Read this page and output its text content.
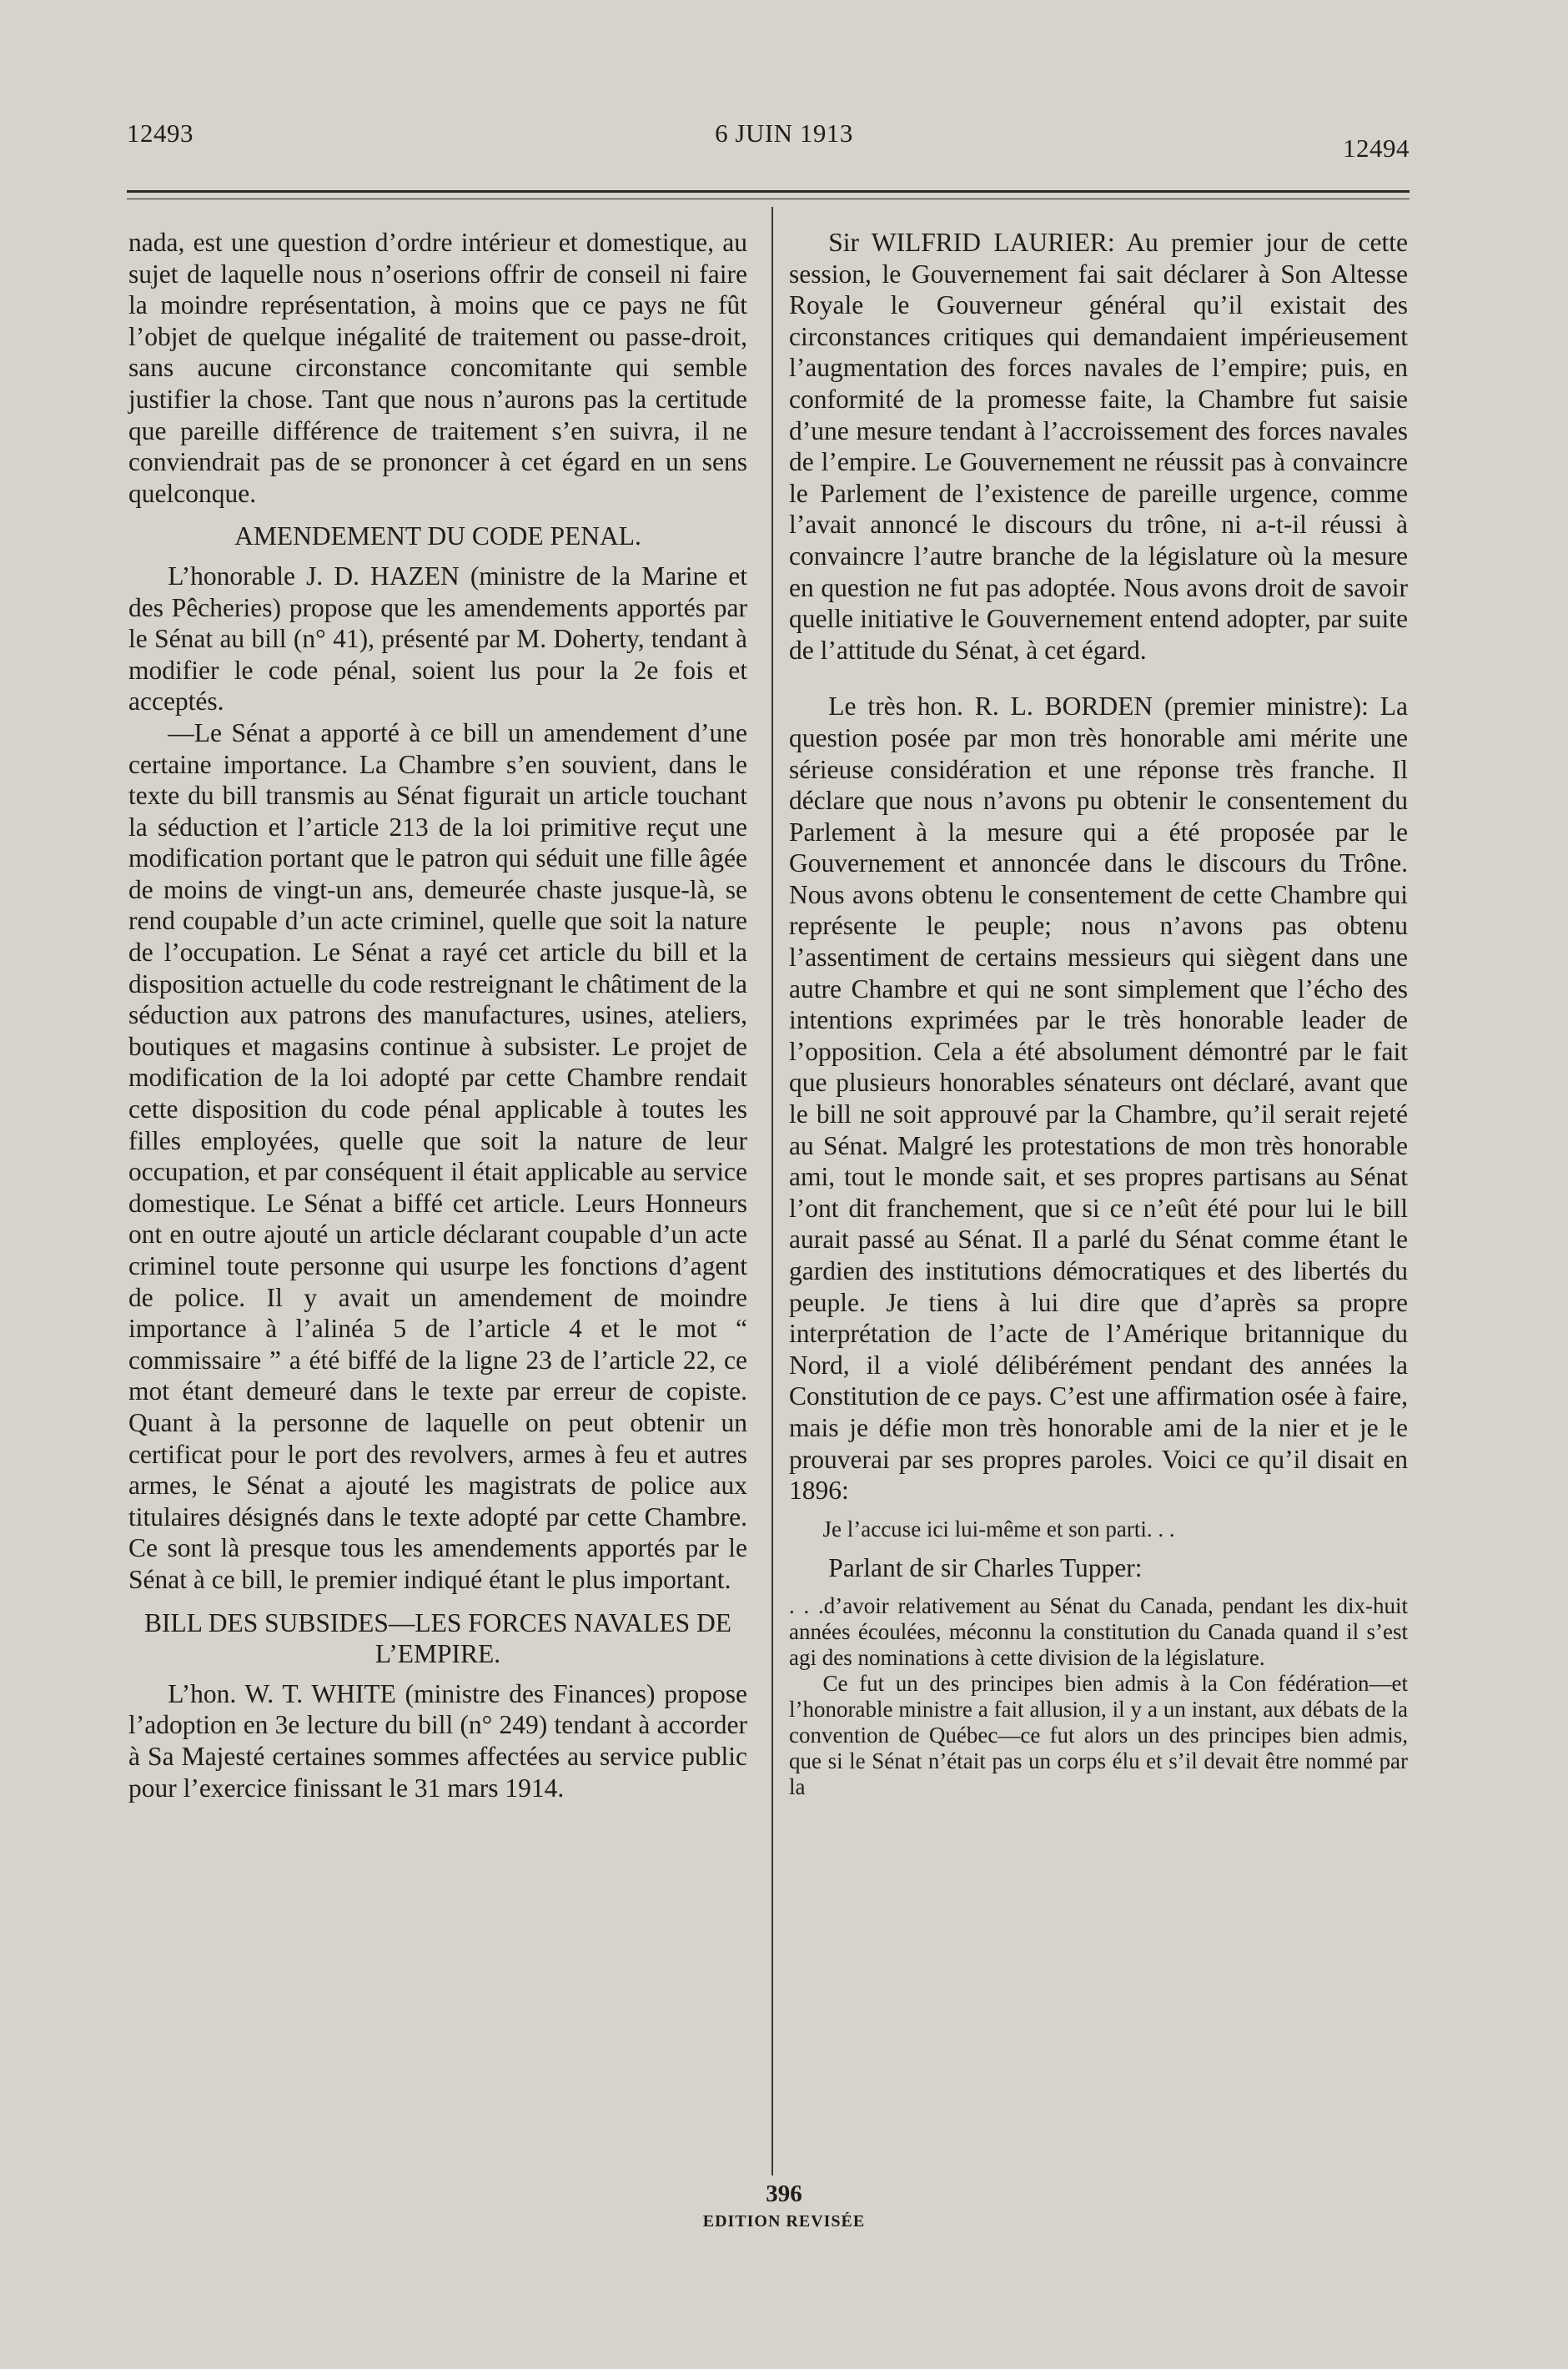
12493	6 JUIN 1913
12494

nada, est une question d’ordre intérieur et domestique, au sujet de laquelle nous n’oserions offrir de conseil ni faire la moindre représentation, à moins que ce pays ne fût l’objet de quelque inégalité de traitement ou passe-droit, sans aucune circonstance concomitante qui semble justifier la chose. Tant que nous n’aurons pas la certitude que pareille différence de traitement s’en suivra, il ne conviendrait pas de se prononcer à cet égard en un sens quelconque.

AMENDEMENT DU CODE PENAL.

L’honorable J. D. HAZEN (ministre de la Marine et des Pêcheries) propose que les amendements apportés par le Sénat au bill (n° 41), présenté par M. Doherty, tendant à modifier le code pénal, soient lus pour la 2e fois et acceptés.

—Le Sénat a apporté à ce bill un amendement d’une certaine importance. La Chambre s’en souvient, dans le texte du bill transmis au Sénat figurait un article touchant la séduction et l’article 213 de la loi primitive reçut une modification portant que le patron qui séduit une fille âgée de moins de vingt-un ans, demeurée chaste jusque-là, se rend coupable d’un acte criminel, quelle que soit la nature de l’occupation. Le Sénat a rayé cet article du bill et la disposition actuelle du code restreignant le châtiment de la séduction aux patrons des manufactures, usines, ateliers, boutiques et magasins continue à subsister. Le projet de modification de la loi adopté par cette Chambre rendait cette disposition du code pénal applicable à toutes les filles employées, quelle que soit la nature de leur occupation, et par conséquent il était applicable au service domestique. Le Sénat a biffé cet article. Leurs Honneurs ont en outre ajouté un article déclarant coupable d’un acte criminel toute personne qui usurpe les fonctions d’agent de police. Il y avait un amendement de moindre importance à l’alinéa 5 de l’article 4 et le mot “ commissaire ” a été biffé de la ligne 23 de l’article 22, ce mot étant demeuré dans le texte par erreur de copiste. Quant à la personne de laquelle on peut obtenir un certificat pour le port des revolvers, armes à feu et autres armes, le Sénat a ajouté les magistrats de police aux titulaires désignés dans le texte adopté par cette Chambre. Ce sont là presque tous les amendements apportés par le Sénat à ce bill, le premier indiqué étant le plus important.

BILL DES SUBSIDES—LES FORCES NAVALES DE L’EMPIRE.

L’hon. W. T. WHITE (ministre des Finances) propose l’adoption en 3e lecture du bill (n° 249) tendant à accorder à Sa Majesté certaines sommes affectées au service public pour l’exercice finissant le 31 mars 1914.

Sir WILFRID LAURIER: Au premier jour de cette session, le Gouvernement fai sait déclarer à Son Altesse Royale le Gouverneur général qu’il existait des circonstances critiques qui demandaient impérieusement l’augmentation des forces navales de l’empire; puis, en conformité de la promesse faite, la Chambre fut saisie d’une mesure tendant à l’accroissement des forces navales de l’empire. Le Gouvernement ne réussit pas à convaincre le Parlement de l’existence de pareille urgence, comme l’avait annoncé le discours du trône, ni a-t-il réussi à convaincre l’autre branche de la législature où la mesure en question ne fut pas adoptée. Nous avons droit de savoir quelle initiative le Gouvernement entend adopter, par suite de l’attitude du Sénat, à cet égard.

Le très hon. R. L. BORDEN (premier ministre): La question posée par mon très honorable ami mérite une sérieuse considération et une réponse très franche. Il déclare que nous n’avons pu obtenir le consentement du Parlement à la mesure qui a été proposée par le Gouvernement et annoncée dans le discours du Trône. Nous avons obtenu le consentement de cette Chambre qui représente le peuple; nous n’avons pas obtenu l’assentiment de certains messieurs qui siègent dans une autre Chambre et qui ne sont simplement que l’écho des intentions exprimées par le très honorable leader de l’opposition. Cela a été absolument démontré par le fait que plusieurs honorables sénateurs ont déclaré, avant que le bill ne soit approuvé par la Chambre, qu’il serait rejeté au Sénat. Malgré les protestations de mon très honorable ami, tout le monde sait, et ses propres partisans au Sénat l’ont dit franchement, que si ce n’eût été pour lui le bill aurait passé au Sénat. Il a parlé du Sénat comme étant le gardien des institutions démocratiques et des libertés du peuple. Je tiens à lui dire que d’après sa propre interprétation de l’acte de l’Amérique britannique du Nord, il a violé délibérément pendant des années la Constitution de ce pays. C’est une affirmation osée à faire, mais je défie mon très honorable ami de la nier et je le prouverai par ses propres paroles. Voici ce qu’il disait en 1896:

Je l’accuse ici lui-même et son parti. . .

Parlant de sir Charles Tupper:

. . .d’avoir relativement au Sénat du Canada, pendant les dix-huit années écoulées, méconnu la constitution du Canada quand il s’est agi des nominations à cette division de la législature.

Ce fut un des principes bien admis à la Con fédération—et l’honorable ministre a fait allusion, il y a un instant, aux débats de la convention de Québec—ce fut alors un des principes bien admis, que si le Sénat n’était pas un corps élu et s’il devait être nommé par la

396
EDITION REVISÉE
